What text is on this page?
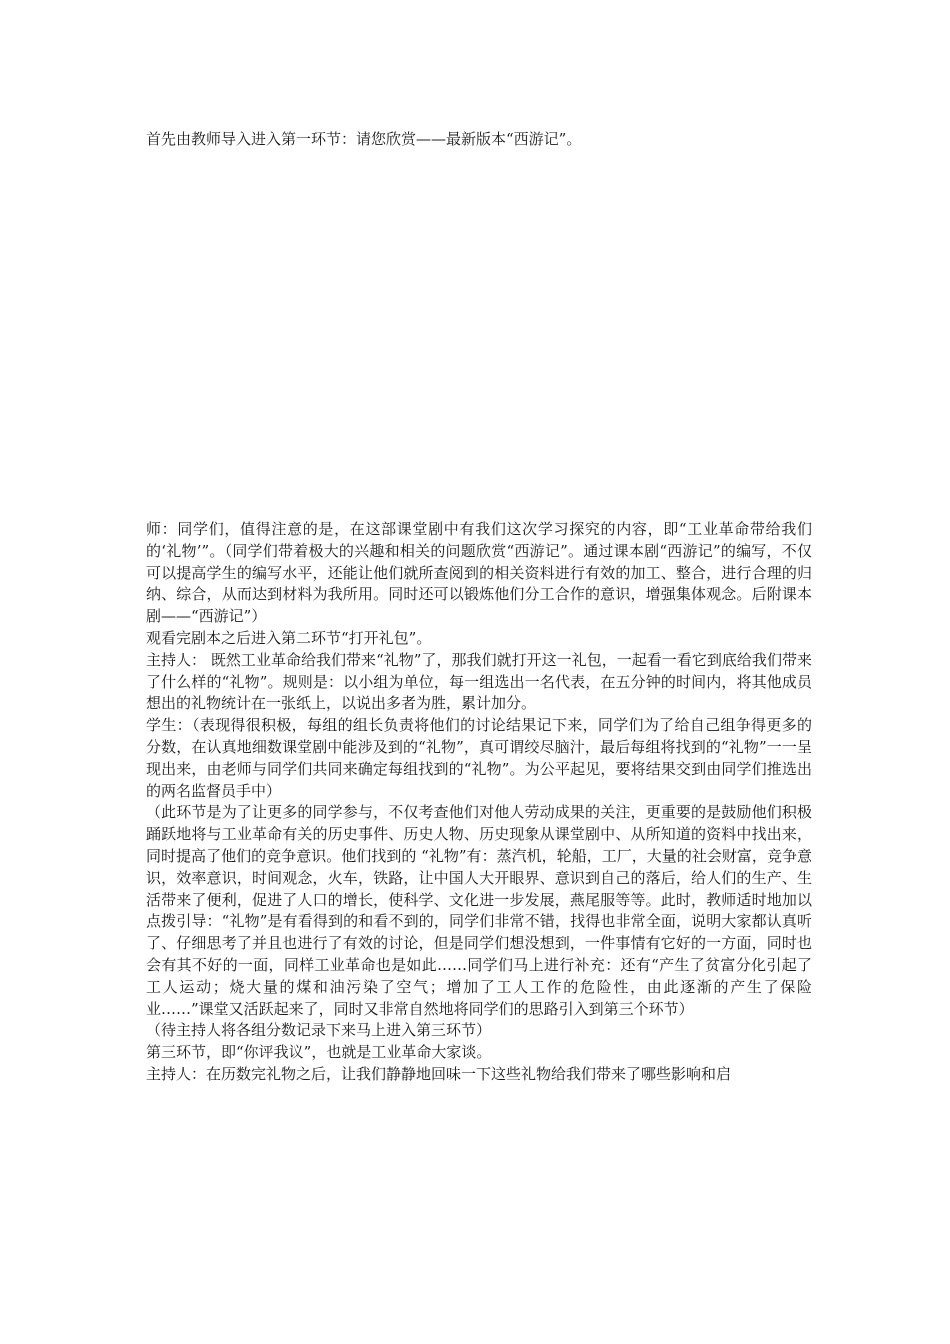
首先由教师导入进入第一环节：请您欣赏——最新版本“西游记”。

师：同学们，值得注意的是，在这部课堂剧中有我们这次学习探究的内容，即“工业革命带给我们的‘礼物’”。（同学们带着极大的兴趣和相关的问题欣赏“西游记”。通过课本剧“西游记”的编写，不仅可以提高学生的编写水平，还能让他们就所查阅到的相关资料进行有效的加工、整合，进行合理的归纳、综合，从而达到材料为我所用。同时还可以锻炼他们分工合作的意识，增强集体观念。后附课本剧——“西游记”）

观看完剧本之后进入第二环节“打开礼包”。

主持人： 既然工业革命给我们带来“礼物”了，那我们就打开这一礼包，一起看一看它到底给我们带来了什么样的“礼物”。规则是：以小组为单位，每一组选出一名代表，在五分钟的时间内，将其他成员想出的礼物统计在一张纸上，以说出多者为胜，累计加分。

学生：（表现得很积极，每组的组长负责将他们的讨论结果记下来，同学们为了给自己组争得更多的分数，在认真地细数课堂剧中能涉及到的“礼物”，真可谓绞尽脑汁，最后每组将找到的“礼物”一一呈现出来，由老师与同学们共同来确定每组找到的“礼物”。为公平起见，要将结果交到由同学们推选出的两名监督员手中）

（此环节是为了让更多的同学参与，不仅考查他们对他人劳动成果的关注，更重要的是鼓励他们积极踊跃地将与工业革命有关的历史事件、历史人物、历史现象从课堂剧中、从所知道的资料中找出来，同时提高了他们的竞争意识。他们找到的 “礼物”有：蒸汽机，轮船，工厂，大量的社会财富，竞争意识，效率意识，时间观念，火车，铁路，让中国人大开眼界、意识到自己的落后，给人们的生产、生活带来了便利，促进了人口的增长，使科学、文化进一步发展，燕尾服等等。此时，教师适时地加以点拨引导：“礼物”是有看得到的和看不到的，同学们非常不错，找得也非常全面，说明大家都认真听了、仔细思考了并且也进行了有效的讨论，但是同学们想没想到，一件事情有它好的一方面，同时也会有其不好的一面，同样工业革命也是如此……同学们马上进行补充：还有“产生了贫富分化引起了工人运动；烧大量的煤和油污染了空气；增加了工人工作的危险性，由此逐渐的产生了保险业……”课堂又活跃起来了，同时又非常自然地将同学们的思路引入到第三个环节）

（待主持人将各组分数记录下来马上进入第三环节）

第三环节，即“你评我议”，也就是工业革命大家谈。

主持人：在历数完礼物之后，让我们静静地回味一下这些礼物给我们带来了哪些影响和启
